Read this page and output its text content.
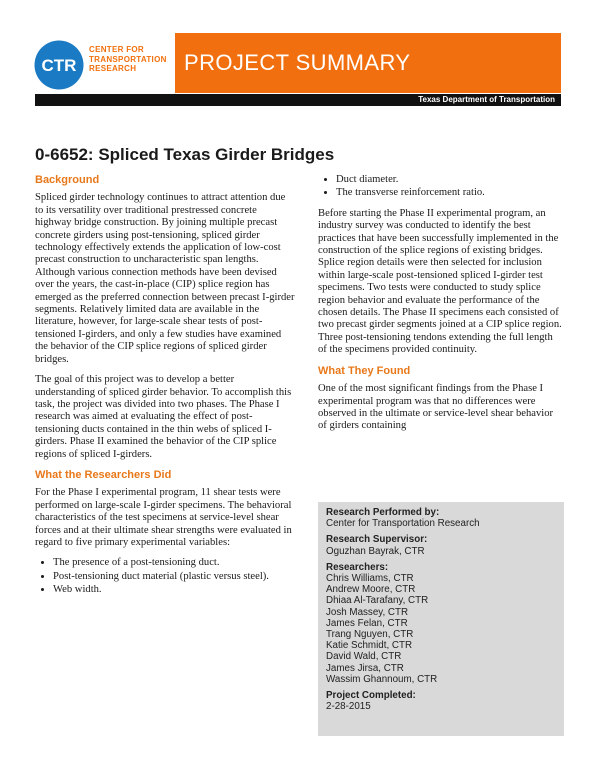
CTR
CENTER FOR
TRANSPORTATION
RESEARCH	PROJECT SUMMARY
Texas Department of Transportation
0-6652: Spliced Texas Girder Bridges
Background

Spliced girder technology continues to attract attention due to its versatility over traditional prestressed concrete highway bridge construction. By joining multiple precast concrete girders using post-tensioning, spliced girder technology effectively extends the application of low-cost precast construction to uncharacteristic span lengths. Although various connection methods have been devised over the years, the cast-in-place (CIP) splice region has emerged as the preferred connection between precast I-girder segments. Relatively limited data are available in the literature, however, for large-scale shear tests of post-tensioned I-girders, and only a few studies have examined the behavior of the CIP splice regions of spliced girder bridges.

The goal of this project was to develop a better understanding of spliced girder behavior. To accomplish this task, the project was divided into two phases. The Phase I research was aimed at evaluating the effect of post-tensioning ducts contained in the thin webs of spliced I-girders. Phase II examined the behavior of the CIP splice regions of spliced I-girders.

What the Researchers Did

For the Phase I experimental program, 11 shear tests were performed on large-scale I-girder specimens. The behavioral characteristics of the test specimens at service-level shear forces and at their ultimate shear strengths were evaluated in regard to five primary experimental variables:

• The presence of a post-tensioning duct.
• Post-tensioning duct material (plastic versus steel).
• Web width.
• Duct diameter.
• The transverse reinforcement ratio.

Before starting the Phase II experimental program, an industry survey was conducted to identify the best practices that have been successfully implemented in the construction of the splice regions of existing bridges. Splice region details were then selected for inclusion within large-scale post-tensioned spliced I-girder test specimens. Two tests were conducted to study splice region behavior and evaluate the performance of the chosen details. The Phase II specimens each consisted of two precast girder segments joined at a CIP splice region. Three post-tensioning tendons extending the full length of the specimens provided continuity.

What They Found

One of the most significant findings from the Phase I experimental program was that no differences were observed in the ultimate or service-level shear behavior of girders containing

Research Performed by:
Center for Transportation Research
Research Supervisor:
Oguzhan Bayrak, CTR
Researchers:
Chris Williams, CTR
Andrew Moore, CTR
Dhiaa Al-Tarafany, CTR
Josh Massey, CTR
James Felan, CTR
Trang Nguyen, CTR
Katie Schmidt, CTR
David Wald, CTR
James Jirsa, CTR
Wassim Ghannoum, CTR
Project Completed:
2-28-2015
